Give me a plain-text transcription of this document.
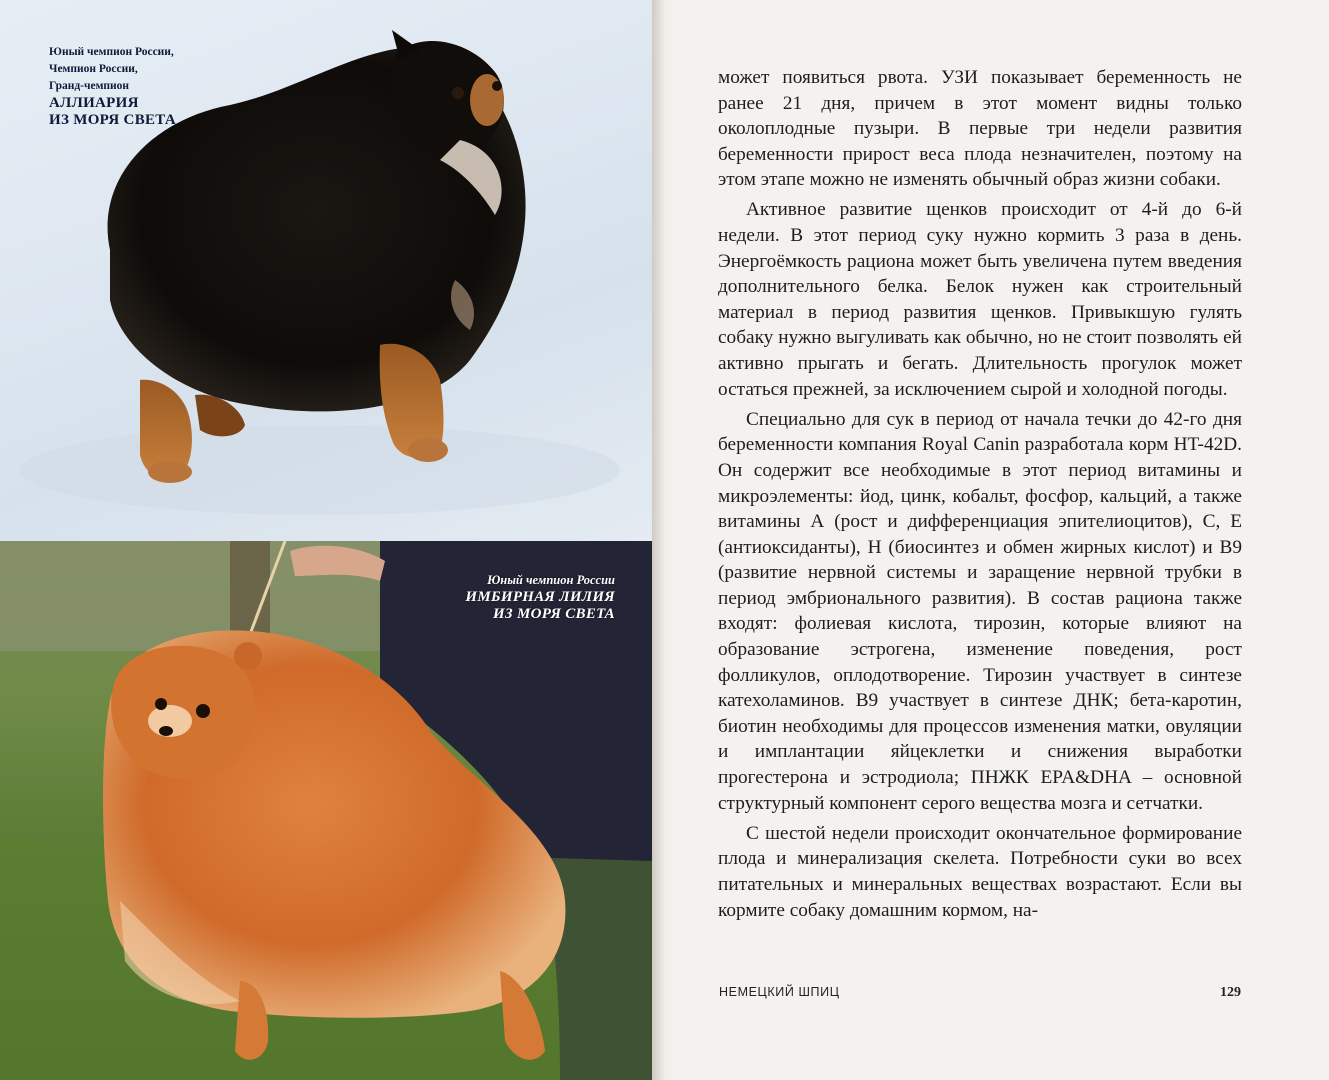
Юный чемпион России,
Чемпион России,
Гранд-чемпион
АЛЛИАРИЯ
ИЗ МОРЯ СВЕТА
Юный чемпион России
ИМБИРНАЯ ЛИЛИЯ
ИЗ МОРЯ СВЕТА

может появиться рвота. УЗИ показывает беременность не ранее 21 дня, причем в этот момент видны только околоплодные пузыри. В первые три недели развития беременности прирост веса плода незначителен, поэтому на этом этапе можно не изменять обычный образ жизни собаки.

Активное развитие щенков происходит от 4-й до 6-й недели. В этот период суку нужно кормить 3 раза в день. Энергоёмкость рациона может быть увеличена путем введения дополнительного белка. Белок нужен как строительный материал в период развития щенков. Привыкшую гулять собаку нужно выгуливать как обычно, но не стоит позволять ей активно прыгать и бегать. Длительность прогулок может остаться прежней, за исключением сырой и холодной погоды.

Специально для сук в период от начала течки до 42-го дня беременности компания Royal Canin разработала корм HT-42D. Он содержит все необходимые в этот период витамины и микроэлементы: йод, цинк, кобальт, фосфор, кальций, а также витамины А (рост и дифференциация эпителиоцитов), С, Е (антиоксиданты), Н (биосинтез и обмен жирных кислот) и В9 (развитие нервной системы и заращение нервной трубки в период эмбрионального развития). В состав рациона также входят: фолиевая кислота, тирозин, которые влияют на образование эстрогена, изменение поведения, рост фолликулов, оплодотворение. Тирозин участвует в синтезе катехоламинов. В9 участвует в синтезе ДНК; бета-каротин, биотин необходимы для процессов изменения матки, овуляции и имплантации яйцеклетки и снижения выработки прогестерона и эстродиола; ПНЖК EPA&DHA – основной структурный компонент серого вещества мозга и сетчатки.

С шестой недели происходит окончательное формирование плода и минерализация скелета. Потребности суки во всех питательных и минеральных веществах возрастают. Если вы кормите собаку домашним кормом, на-

НЕМЕЦКИЙ ШПИЦ	129
